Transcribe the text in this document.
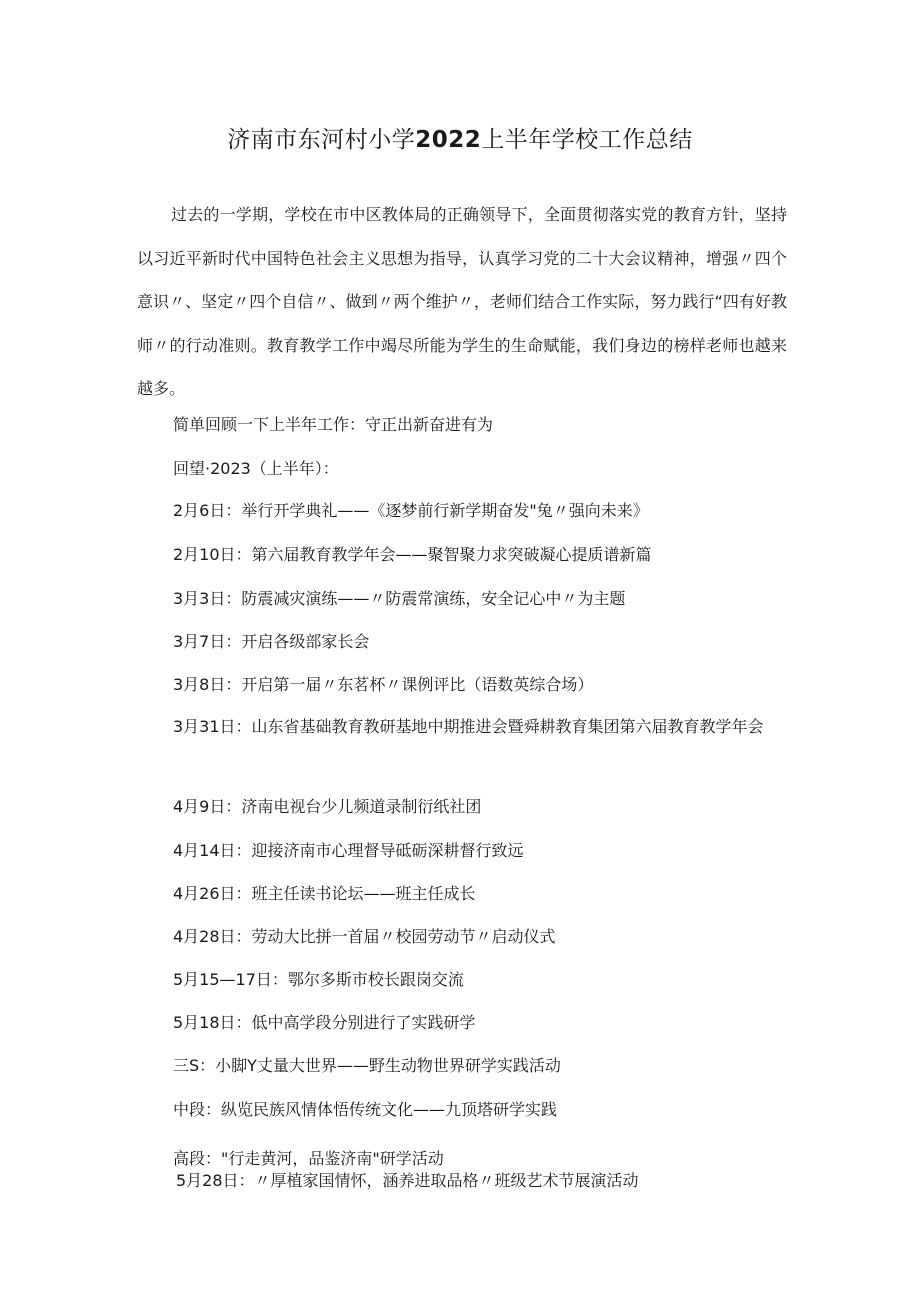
济南市东河村小学2022上半年学校工作总结

过去的一学期，学校在市中区教体局的正确领导下，全面贯彻落实党的教育方针，坚持以习近平新时代中国特色社会主义思想为指导，认真学习党的二十大会议精神，增强〃四个意识〃、坚定〃四个自信〃、做到〃两个维护〃，老师们结合工作实际，努力践行“四有好教师〃的行动准则。教育教学工作中竭尽所能为学生的生命赋能，我们身边的榜样老师也越来越多。

简单回顾一下上半年工作：守正出新奋进有为

回望·2023（上半年）：

2月6日：举行开学典礼——《逐梦前行新学期奋发"兔〃强向未来》

2月10日：第六届教育教学年会——聚智聚力求突破凝心提质谱新篇

3月3日：防震减灾演练——〃防震常演练，安全记心中〃为主题

3月7日：开启各级部家长会

3月8日：开启第一届〃东茗杯〃课例评比（语数英综合场）

3月31日：山东省基础教育教研基地中期推进会暨舜耕教育集团第六届教育教学年会

4月9日：济南电视台少儿频道录制衍纸社团

4月14日：迎接济南市心理督导砥砺深耕督行致远

4月26日：班主任读书论坛——班主任成长

4月28日：劳动大比拼一首届〃校园劳动节〃启动仪式

5月15—17日：鄂尔多斯市校长跟岗交流

5月18日：低中高学段分别进行了实践研学

三S：小脚Y丈量大世界——野生动物世界研学实践活动

中段：纵览民族风情体悟传统文化——九顶塔研学实践

高段："行走黄河，品鉴济南"研学活动

5月28日：〃厚植家国情怀，涵养进取品格〃班级艺术节展演活动
